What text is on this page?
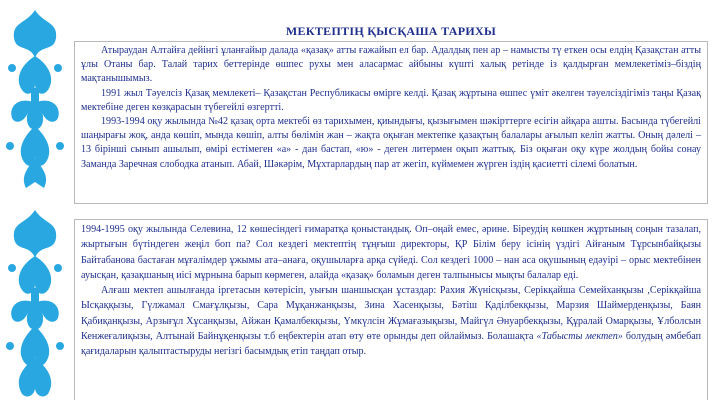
МЕКТЕПТІҢ ҚЫСҚАША ТАРИХЫ

Атыраудан Алтайға дейінгі ұланғайыр далада «қазақ» атты ғажайып ел бар. Адалдық пен ар – намысты тү еткен осы елдің Қазақстан атты ұлы Отаны бар. Талай тарих беттерінде өшпес рухы мен аласармас айбыны күшті халық ретінде із қалдырған мемлекетіміз–біздің мақтанышымыз.

1991 жыл Тәуелсіз Қазақ мемлекеті– Қазақстан Республикасы өмірге келді. Қазақ жұртына өшпес үміт әкелген тәуелсіздігіміз таңы Қазақ мектебіне деген көзқарасын түбегейлі өзгертті.

1993-1994 оқу жылында №42 қазақ орта мектебі өз тарихымен, қиындығы, қызығымен шәкірттерге есігін айқара ашты. Басында түбегейлі шаңырағы жоқ, анда көшіп, мында көшіп, алты бөлімін жан – жақта оқыған мектепке қазақтың балалары ағылып келіп жатты. Оның дәлелі – 13 біріншi сынып ашылып, өмірі естімеген «а» - дан бастап, «ю» - деген литермен оқып жаттық. Біз оқыған оқу күре жолдың бойы сонау Заманда Заречная слободка атанып. Абай, Шәкәрім, Мұхтарлардың пар ат жегіп, күймемен жүрген іздің қасиетті сілемі болатын.

1994-1995 оқу жылында Селевина, 12 көшесіндегі ғимаратқа қоныстандық. Оп–оңай емес, әрине. Біреудің көшкен жұртының соңын тазалап, жыртығын бүтіндеген жеңіл боп па? Сол кездегі мектептің тұңғыш директоры, ҚР Білім беру ісінің үздігі Айғаным Тұрсынбайқызы Байтабанова бастаған мұғалімдер ұжымы ата–анаға, оқушыларға арқа сүйеді. Сол кездегі 1000 – нан аса оқушының едәуірі – орыс мектебінен ауысқан, қазақшаның иісі мұрнына барып көрмеген, алайда «қазақ» боламын деген талпынысы мықты балалар еді.

Алғаш мектеп ашылғанда іргетасын көтерісіп, уығын шаншысқан ұстаздар: Рахия Жүнісқызы, Серікқайша Семейханқызы ,Серікқайша Ысқаққызы, Гүлжамал Смағұлқызы, Сара Мұқанжанқызы, Зина Хасенқызы, Бәтіш Қаділбекқызы, Марзия Шаймерденқызы, Баян Қабиқанқызы, Арзығұл Хұсанқызы, Айжан Қамалбекқызы, Үмкүлсін Жұмағазықызы, Майгүл Әнуарбекқызы, Құралай Омарқызы, Ұлболсын Кенжеғалиқызы, Алтынай Байнұқенқызы т.б еңбектерін атап өту өте орынды деп ойлаймыз. Болашақта «Табысты мектеп» болудың әмбебап қағидаларын қалыптастыруды негізгі басымдық етіп таңдап отыр.
